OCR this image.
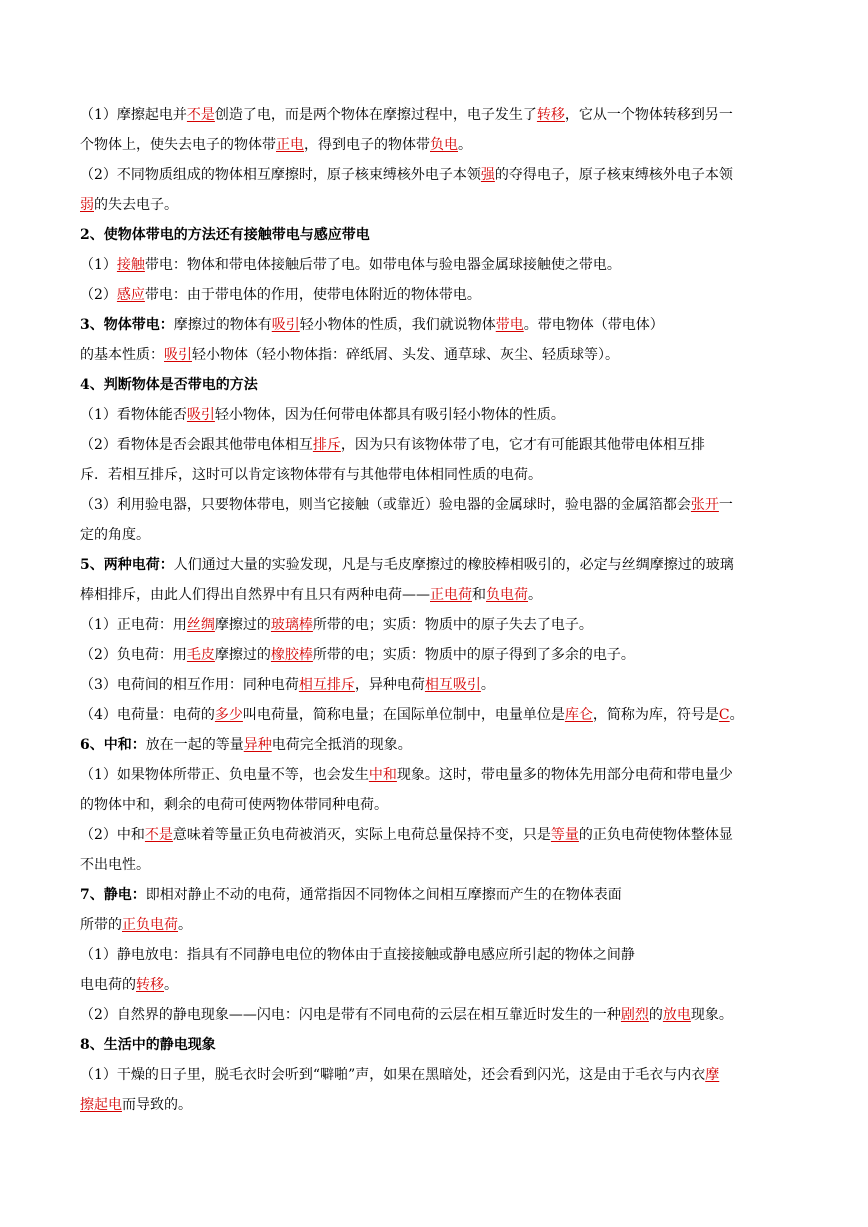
（1）摩擦起电并不是创造了电，而是两个物体在摩擦过程中，电子发生了转移，它从一个物体转移到另一
个物体上，使失去电子的物体带正电，得到电子的物体带负电。
（2）不同物质组成的物体相互摩擦时，原子核束缚核外电子本领强的夺得电子，原子核束缚核外电子本领
弱的失去电子。
2、使物体带电的方法还有接触带电与感应带电
（1）接触带电：物体和带电体接触后带了电。如带电体与验电器金属球接触使之带电。
（2）感应带电：由于带电体的作用，使带电体附近的物体带电。
3、物体带电：摩擦过的物体有吸引轻小物体的性质，我们就说物体带电。带电物体（带电体）
的基本性质：吸引轻小物体（轻小物体指：碎纸屑、头发、通草球、灰尘、轻质球等）。
4、判断物体是否带电的方法
（1）看物体能否吸引轻小物体，因为任何带电体都具有吸引轻小物体的性质。
（2）看物体是否会跟其他带电体相互排斥，因为只有该物体带了电，它才有可能跟其他带电体相互排
斥．若相互排斥，这时可以肯定该物体带有与其他带电体相同性质的电荷。
（3）利用验电器，只要物体带电，则当它接触（或靠近）验电器的金属球时，验电器的金属箔都会张开一
定的角度。
5、两种电荷：人们通过大量的实验发现，凡是与毛皮摩擦过的橡胶棒相吸引的，必定与丝绸摩擦过的玻璃
棒相排斥，由此人们得出自然界中有且只有两种电荷——正电荷和负电荷。
（1）正电荷：用丝绸摩擦过的玻璃棒所带的电；实质：物质中的原子失去了电子。
（2）负电荷：用毛皮摩擦过的橡胶棒所带的电；实质：物质中的原子得到了多余的电子。
（3）电荷间的相互作用：同种电荷相互排斥，异种电荷相互吸引。
（4）电荷量：电荷的多少叫电荷量，简称电量；在国际单位制中，电量单位是库仑，简称为库，符号是C。
6、中和：放在一起的等量异种电荷完全抵消的现象。
（1）如果物体所带正、负电量不等，也会发生中和现象。这时，带电量多的物体先用部分电荷和带电量少
的物体中和，剩余的电荷可使两物体带同种电荷。
（2）中和不是意味着等量正负电荷被消灭，实际上电荷总量保持不变，只是等量的正负电荷使物体整体显
不出电性。
7、静电：即相对静止不动的电荷，通常指因不同物体之间相互摩擦而产生的在物体表面
所带的正负电荷。
（1）静电放电：指具有不同静电电位的物体由于直接接触或静电感应所引起的物体之间静
电电荷的转移。
（2）自然界的静电现象——闪电：闪电是带有不同电荷的云层在相互靠近时发生的一种剧烈的放电现象。
8、生活中的静电现象
（1）干燥的日子里，脱毛衣时会听到“噼啪”声，如果在黑暗处，还会看到闪光，这是由于毛衣与内衣摩
擦起电而导致的。
